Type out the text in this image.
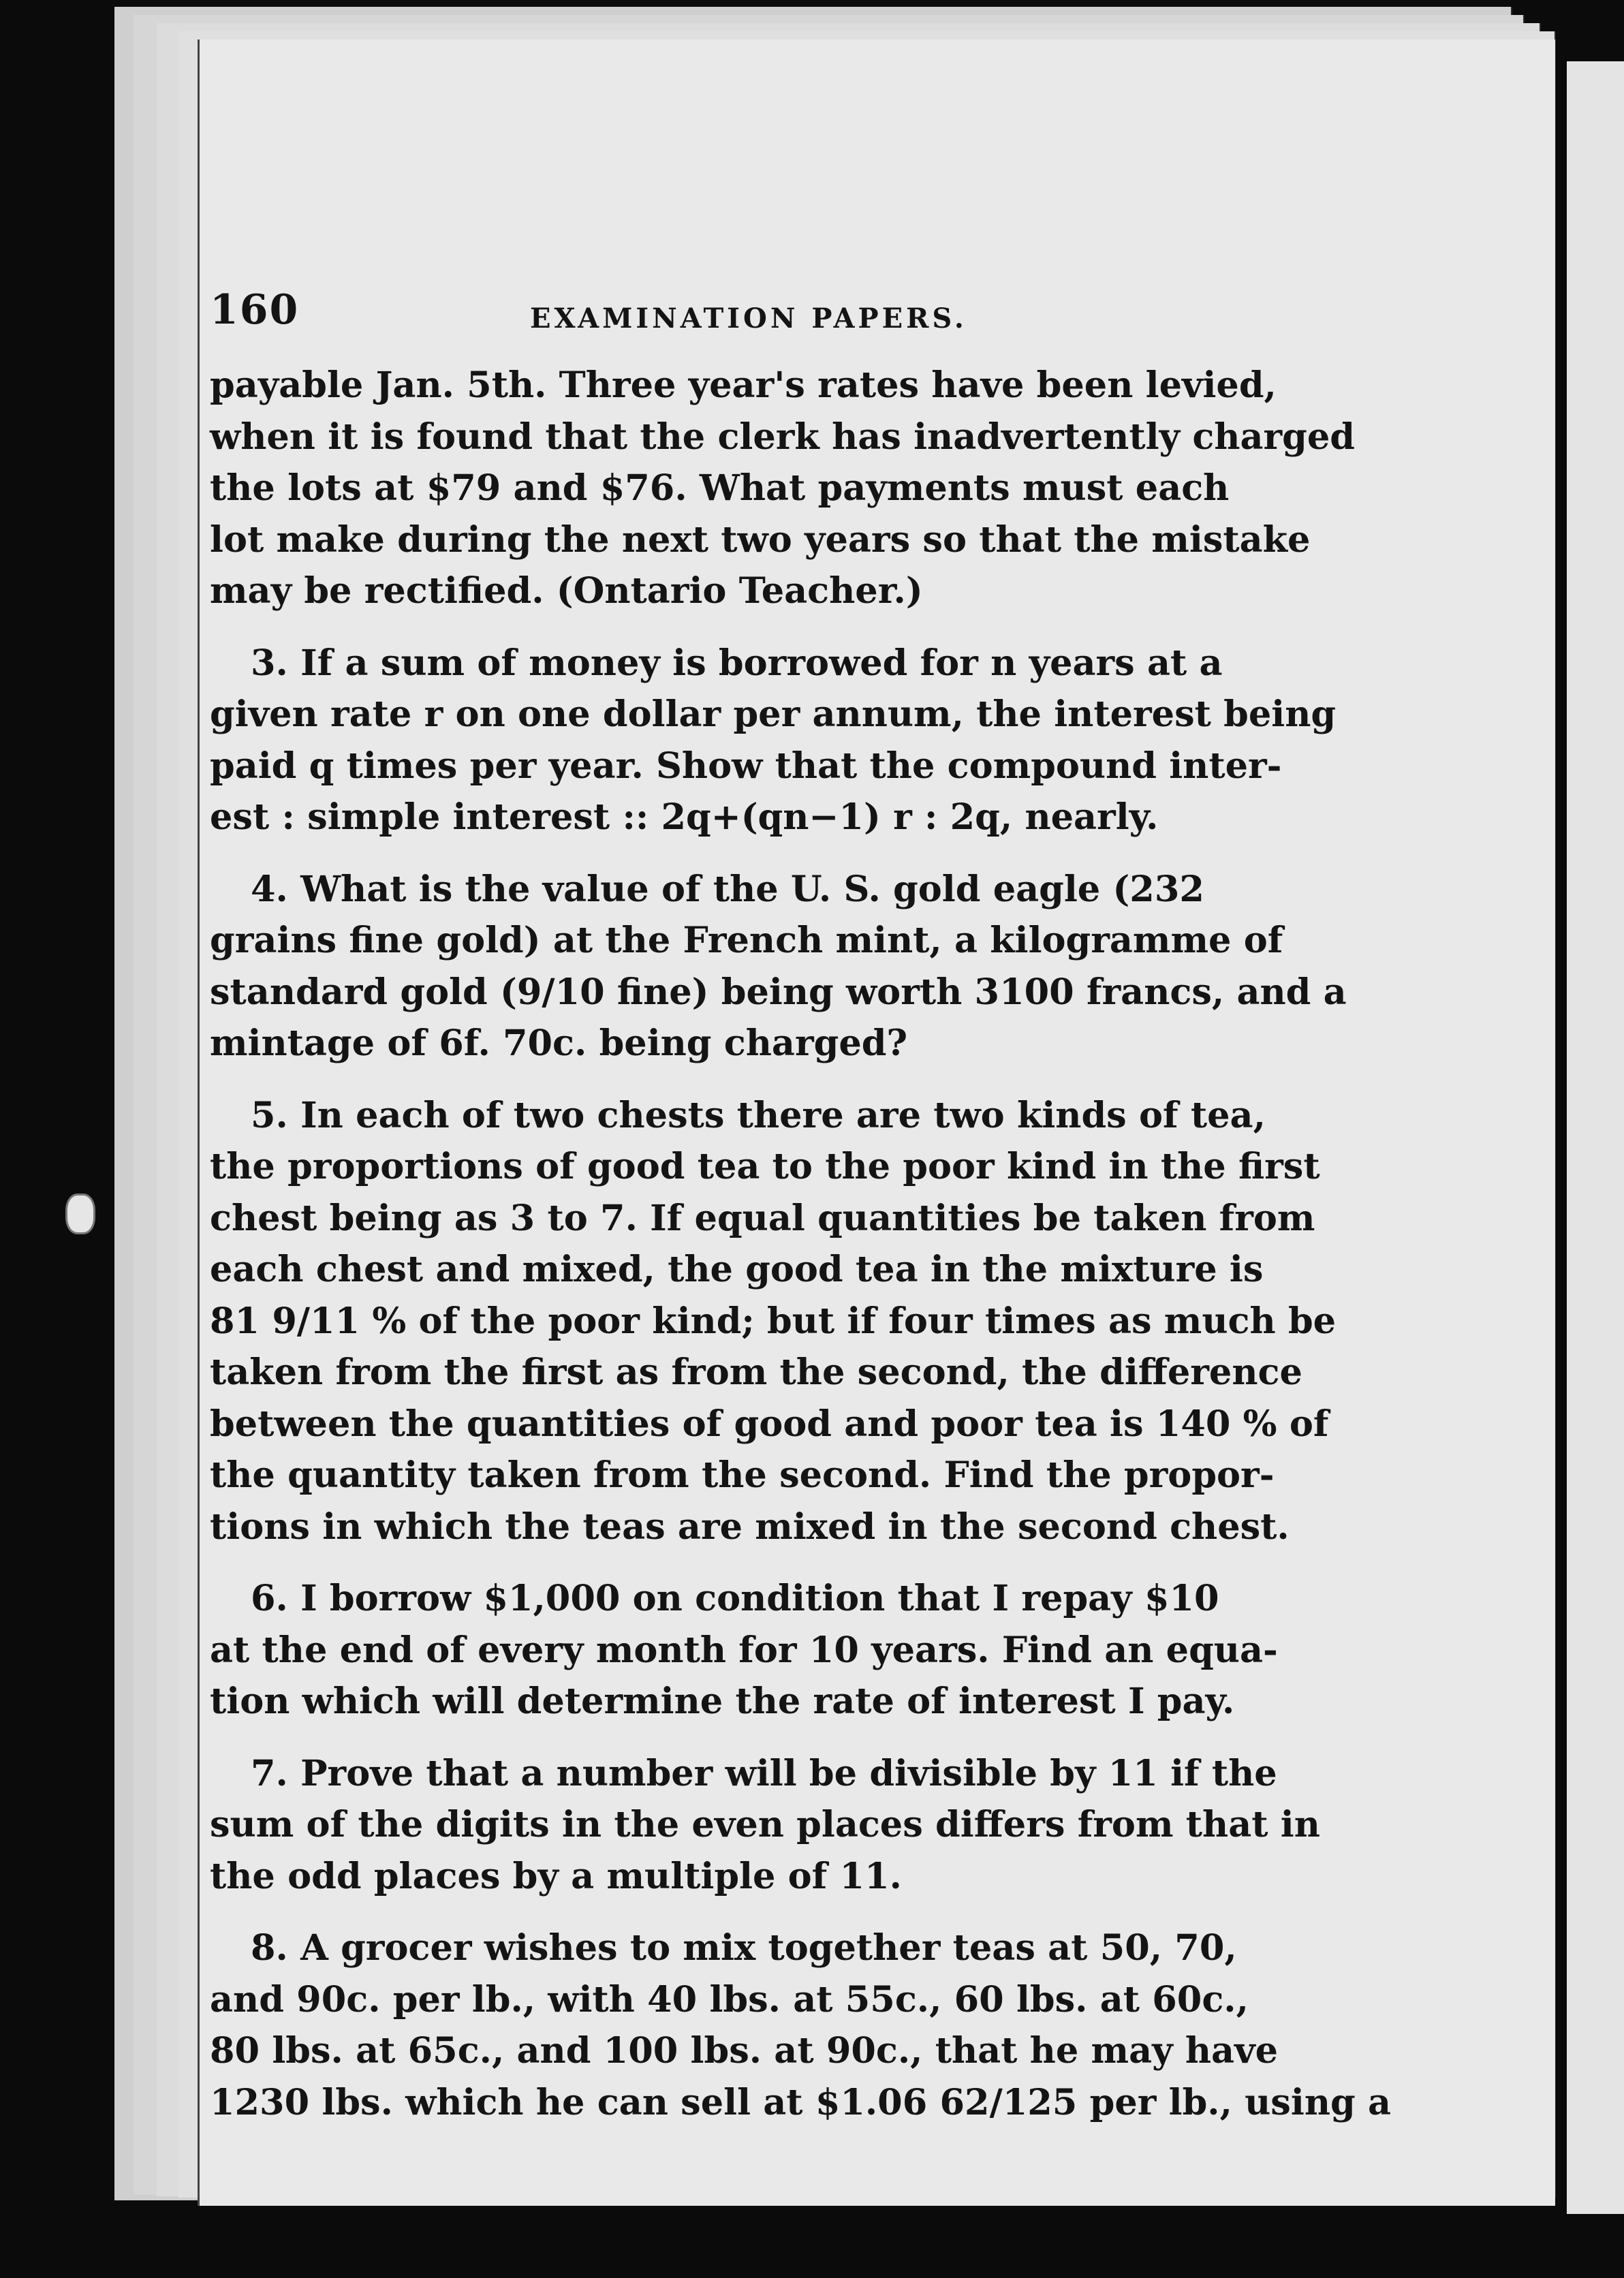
160	EXAMINATION PAPERS.
payable Jan. 5th. Three year's rates have been levied,
when it is found that the clerk has inadvertently charged
the lots at $79 and $76. What payments must each
lot make during the next two years so that the mistake
may be rectified. (Ontario Teacher.)
3. If a sum of money is borrowed for n years at a
given rate r on one dollar per annum, the interest being
paid q times per year. Show that the compound inter-
est : simple interest :: 2q+(qn−1) r : 2q, nearly.
4. What is the value of the U. S. gold eagle (232
grains fine gold) at the French mint, a kilogramme of
standard gold (9/10 fine) being worth 3100 francs, and a
mintage of 6f. 70c. being charged?
5. In each of two chests there are two kinds of tea,
the proportions of good tea to the poor kind in the first
chest being as 3 to 7. If equal quantities be taken from
each chest and mixed, the good tea in the mixture is
81 9/11 % of the poor kind; but if four times as much be
taken from the first as from the second, the difference
between the quantities of good and poor tea is 140 % of
the quantity taken from the second. Find the propor-
tions in which the teas are mixed in the second chest.
6. I borrow $1,000 on condition that I repay $10
at the end of every month for 10 years. Find an equa-
tion which will determine the rate of interest I pay.
7. Prove that a number will be divisible by 11 if the
sum of the digits in the even places differs from that in
the odd places by a multiple of 11.
8. A grocer wishes to mix together teas at 50, 70,
and 90c. per lb., with 40 lbs. at 55c., 60 lbs. at 60c.,
80 lbs. at 65c., and 100 lbs. at 90c., that he may have
1230 lbs. which he can sell at $1.06 62/125 per lb., using a
